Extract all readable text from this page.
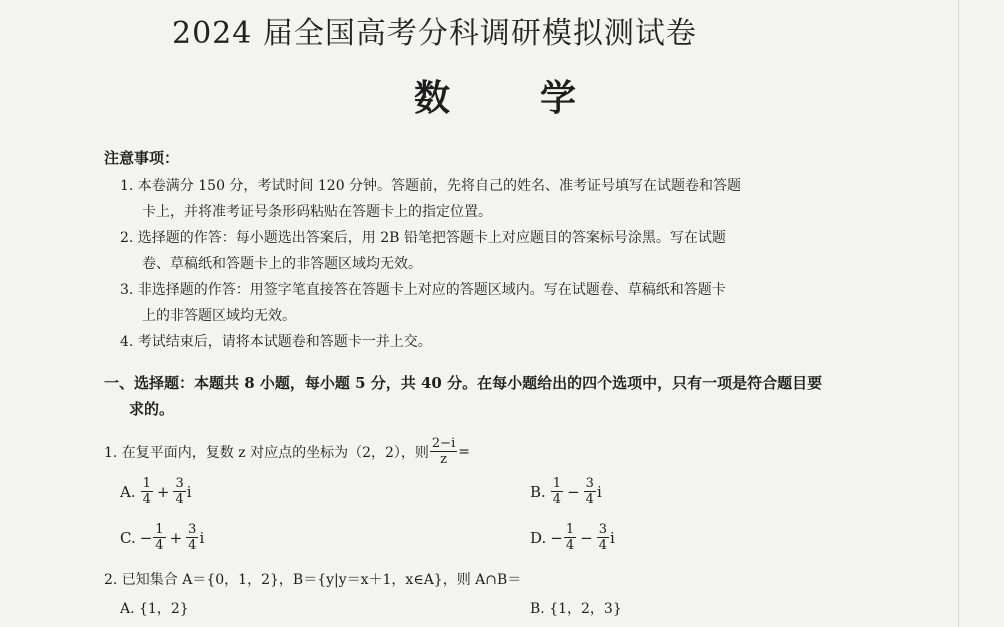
2024 届全国高考分科调研模拟测试卷
数学
注意事项：
1. 本卷满分 150 分，考试时间 120 分钟。答题前，先将自己的姓名、准考证号填写在试题卷和答题
卡上，并将准考证号条形码粘贴在答题卡上的指定位置。
2. 选择题的作答：每小题选出答案后，用 2B 铅笔把答题卡上对应题目的答案标号涂黑。写在试题
卷、草稿纸和答题卡上的非答题区域均无效。
3. 非选择题的作答：用签字笔直接答在答题卡上对应的答题区域内。写在试题卷、草稿纸和答题卡
上的非答题区域均无效。
4. 考试结束后，请将本试题卷和答题卡一并上交。
一、选择题：本题共 8 小题，每小题 5 分，共 40 分。在每小题给出的四个选项中，只有一项是符合题目要
求的。
1. 在复平面内，复数 z 对应点的坐标为（2，2），则 $\frac{2-i}{z}$ =
A. $\frac{1}{4} + \frac{3}{4}$ i	B. $\frac{1}{4} - \frac{3}{4}$ i
C. − $\frac{1}{4} + \frac{3}{4}$ i	D. − $\frac{1}{4} - \frac{3}{4}$ i
2. 已知集合 A＝{0，1，2}，B＝{y|y＝x＋1，x∈A}，则 A∩B＝
A. {1，2}	B. {1，2，3}
